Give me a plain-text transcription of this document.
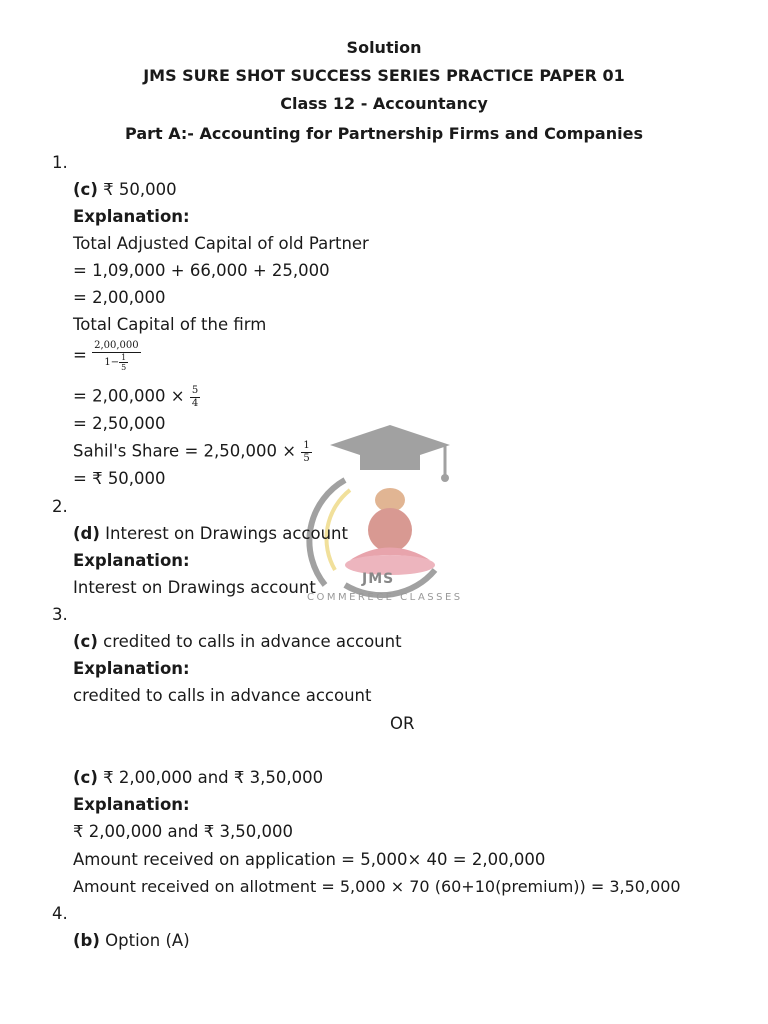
Solution
JMS SURE SHOT SUCCESS SERIES PRACTICE PAPER 01
Class 12 - Accountancy
Part A:- Accounting for Partnership Firms and Companies
JMS
COMMERECE CLASSES
1.
(c) ₹ 50,000
Explanation:
Total Adjusted Capital of old Partner
= 1,09,000 + 66,000 + 25,000
= 2,00,000
Total Capital of the firm
= $\frac{2,00,000}{1- \frac{1}{5}}$
= $2,00,000 \times \frac{5}{4}$
= 2,50,000
Sahil's Share = $2,50,000 \times \frac{1}{5}$
= ₹ 50,000
2.
(d) Interest on Drawings account
Explanation:
Interest on Drawings account
3.
(c) credited to calls in advance account
Explanation:
credited to calls in advance account
OR
(c) ₹ 2,00,000 and ₹ 3,50,000
Explanation:
₹ 2,00,000 and ₹ 3,50,000
Amount received on application = 5,000× 40 = 2,00,000
Amount received on allotment = 5,000 × 70 (60+10(premium)) = 3,50,000
4.
(b) Option (A)
